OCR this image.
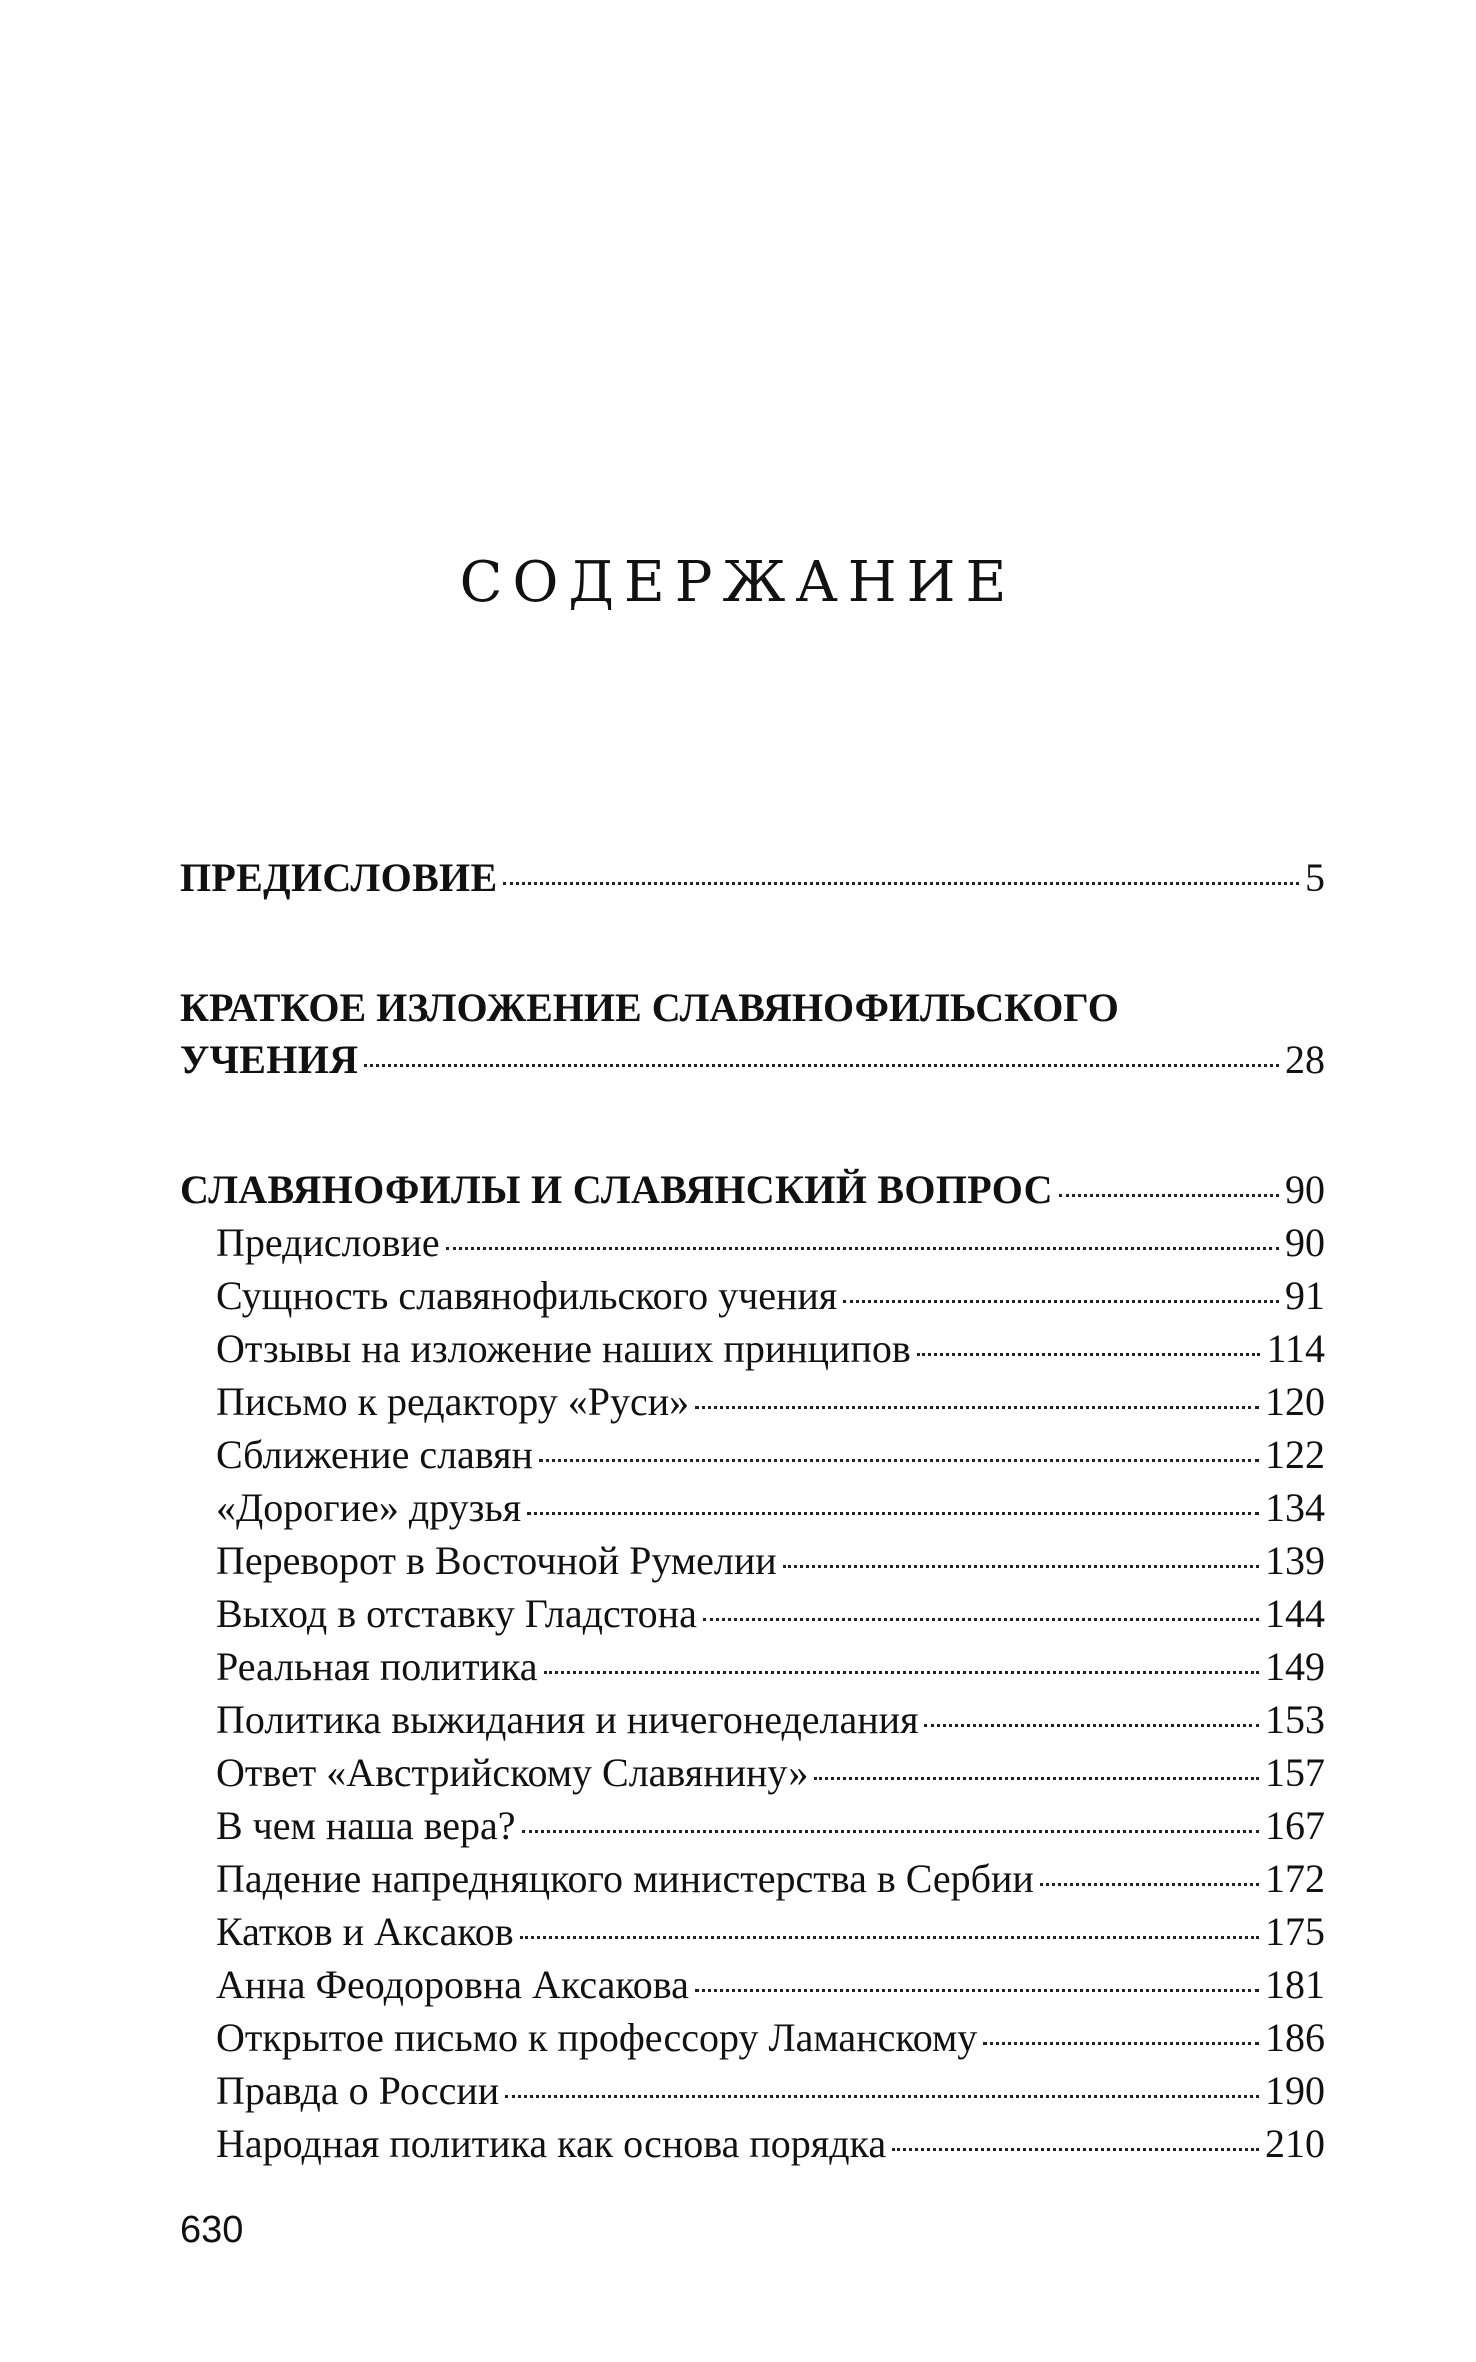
СОДЕРЖАНИЕ
ПРЕДИСЛОВИЕ	5
КРАТКОЕ ИЗЛОЖЕНИЕ СЛАВЯНОФИЛЬСКОГО
УЧЕНИЯ	28
СЛАВЯНОФИЛЫ И СЛАВЯНСКИЙ ВОПРОС	90
Предисловие	90
Сущность славянофильского учения	91
Отзывы на изложение наших принципов	114
Письмо к редактору «Руси»	120
Сближение славян	122
«Дорогие» друзья	134
Переворот в Восточной Румелии	139
Выход в отставку Гладстона	144
Реальная политика	149
Политика выжидания и ничегонеделания	153
Ответ «Австрийскому Славянину»	157
В чем наша вера?	167
Падение напредняцкого министерства в Сербии	172
Катков и Аксаков	175
Анна Феодоровна Аксакова	181
Открытое письмо к профессору Ламанскому	186
Правда о России	190
Народная политика как основа порядка	210
630
